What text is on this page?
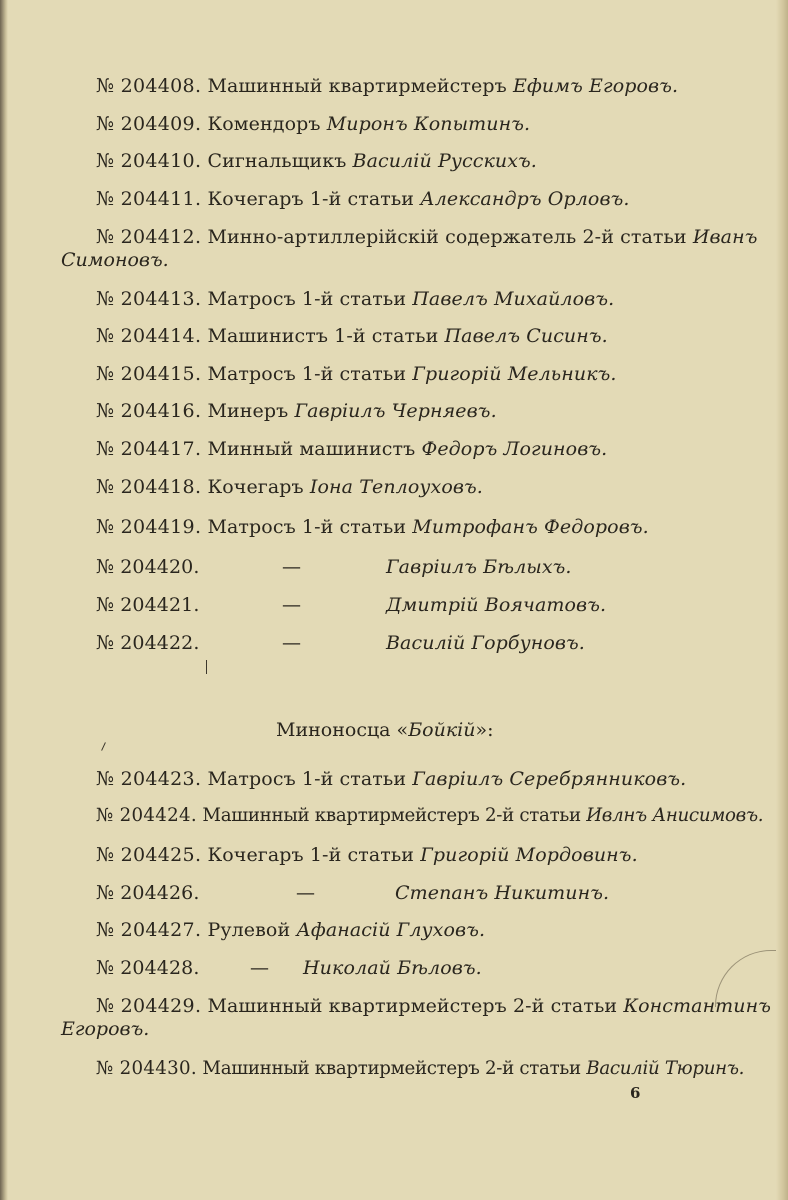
№ 204408. Машинный квартирмейстеръ Ефимъ Егоровъ.
№ 204409. Комендоръ Миронъ Копытинъ.
№ 204410. Сигнальщикъ Василій Русскихъ.
№ 204411. Кочегаръ 1-й статьи Александръ Орловъ.
№ 204412. Минно-артиллерійскій содержатель 2-й статьи Иванъ
Симоновъ.
№ 204413. Матросъ 1-й статьи Павелъ Михайловъ.
№ 204414. Машинистъ 1-й статьи Павелъ Сисинъ.
№ 204415. Матросъ 1-й статьи Григорій Мельникъ.
№ 204416. Минеръ Гавріилъ Черняевъ.
№ 204417. Минный машинистъ Федоръ Логиновъ.
№ 204418. Кочегаръ Іона Теплоуховъ.
№ 204419. Матросъ 1-й статьи Митрофанъ Федоровъ.
№ 204420.	—	Гавріилъ Бѣлыхъ.
№ 204421.	—	Дмитрій Воячатовъ.
№ 204422.	—	Василій Горбуновъ.
Миноносца «Бойкій»:
№ 204423. Матросъ 1-й статьи Гавріилъ Серебрянниковъ.
№ 204424. Машинный квартирмейстеръ 2-й статьи Ивлнъ Анисимовъ.
№ 204425. Кочегаръ 1-й статьи Григорій Мордовинъ.
№ 204426.	—	Степанъ Никитинъ.
№ 204427. Рулевой Афанасій Глуховъ.
№ 204428.	— Николай Бѣловъ.
№ 204429. Машинный квартирмейстеръ 2-й статьи Константинъ
Егоровъ.
№ 204430. Машинный квартирмейстеръ 2-й статьи Василій Тюринъ.
6
